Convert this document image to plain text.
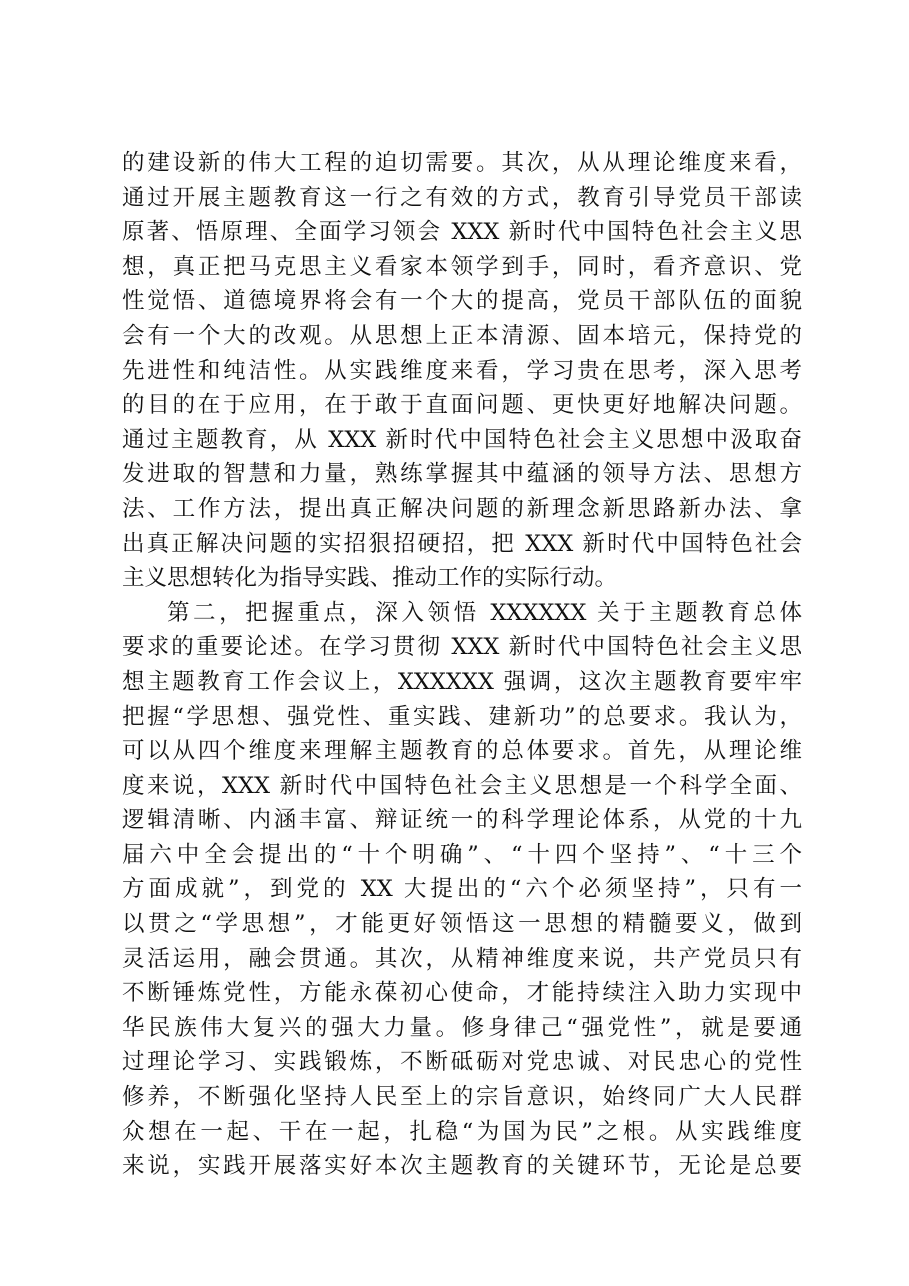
的建设新的伟大工程的迫切需要。其次，从从理论维度来看，
通过开展主题教育这一行之有效的方式，教育引导党员干部读
原著、悟原理、全面学习领会 XXX 新时代中国特色社会主义思
想，真正把马克思主义看家本领学到手，同时，看齐意识、党
性觉悟、道德境界将会有一个大的提高，党员干部队伍的面貌
会有一个大的改观。从思想上正本清源、固本培元，保持党的
先进性和纯洁性。从实践维度来看，学习贵在思考，深入思考
的目的在于应用，在于敢于直面问题、更快更好地解决问题。
通过主题教育，从 XXX 新时代中国特色社会主义思想中汲取奋
发进取的智慧和力量，熟练掌握其中蕴涵的领导方法、思想方
法、工作方法，提出真正解决问题的新理念新思路新办法、拿
出真正解决问题的实招狠招硬招，把 XXX 新时代中国特色社会
主义思想转化为指导实践、推动工作的实际行动。
第二，把握重点，深入领悟 XXXXXX 关于主题教育总体
要求的重要论述。在学习贯彻 XXX 新时代中国特色社会主义思
想主题教育工作会议上，XXXXXX 强调，这次主题教育要牢牢
把握“学思想、强党性、重实践、建新功”的总要求。我认为，
可以从四个维度来理解主题教育的总体要求。首先，从理论维
度来说，XXX 新时代中国特色社会主义思想是一个科学全面、
逻辑清晰、内涵丰富、辩证统一的科学理论体系，从党的十九
届六中全会提出的“十个明确”、“十四个坚持”、“十三个
方面成就”，到党的 XX 大提出的“六个必须坚持”，只有一
以贯之“学思想”，才能更好领悟这一思想的精髓要义，做到
灵活运用，融会贯通。其次，从精神维度来说，共产党员只有
不断锤炼党性，方能永葆初心使命，才能持续注入助力实现中
华民族伟大复兴的强大力量。修身律己“强党性”，就是要通
过理论学习、实践锻炼，不断砥砺对党忠诚、对民忠心的党性
修养，不断强化坚持人民至上的宗旨意识，始终同广大人民群
众想在一起、干在一起，扎稳“为国为民”之根。从实践维度
来说，实践开展落实好本次主题教育的关键环节，无论是总要
